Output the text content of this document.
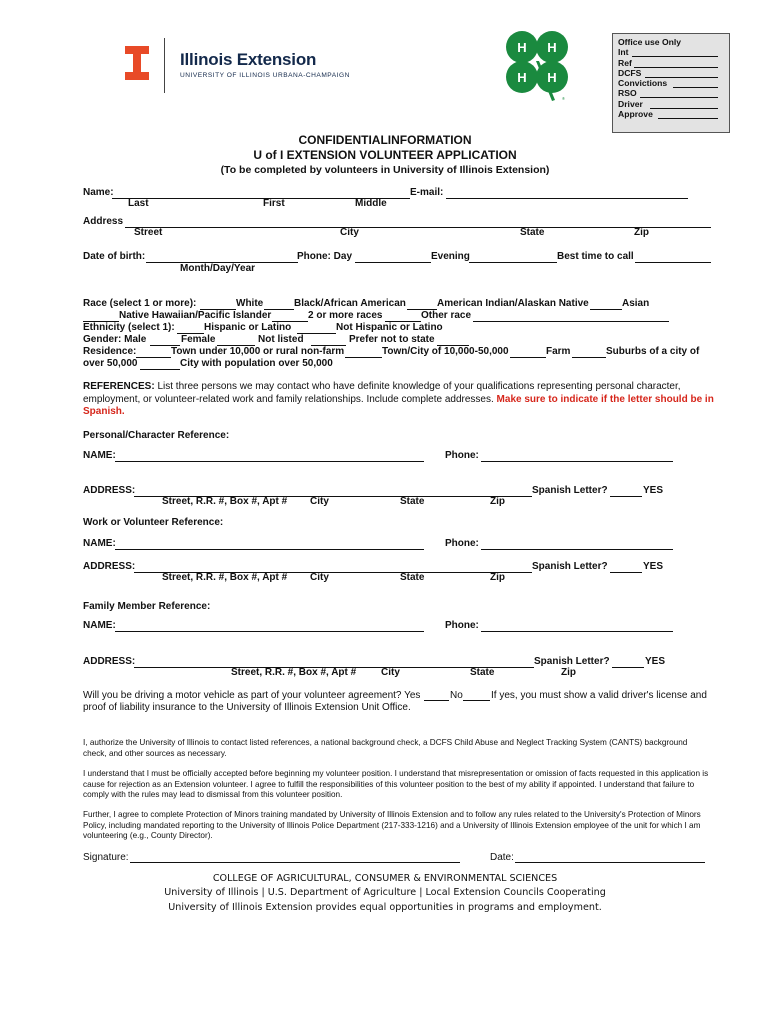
Illinois Extension
UNIVERSITY OF ILLINOIS URBANA-CHAMPAIGN
H H
H H
®
Office use Only
Int
Ref
DCFS
Convictions
RSO
Driver
Approve
CONFIDENTIALINFORMATION
U of I EXTENSION VOLUNTEER APPLICATION
(To be completed by volunteers in University of Illinois Extension)
Name:	E-mail:
Last	First	Middle
Address
Street	City	State	Zip
Date of birth:	Phone: Day	Evening	Best time to call
Month/Day/Year
Race (select 1 or more):	White	Black/African American	American Indian/Alaskan Native	Asian
Native Hawaiian/Pacific Islander	2 or more races	Other race
Ethnicity (select 1):	Hispanic or Latino	Not Hispanic or Latino
Gender: Male	Female	Not listed	Prefer not to state
Residence:	Town under 10,000 or rural non-farm	Town/City of 10,000-50,000	Farm	Suburbs of a city of
over 50,000	City with population over 50,000
REFERENCES: List three persons we may contact who have definite knowledge of your qualifications representing personal character, employment, or volunteer-related work and family relationships. Include complete addresses. Make sure to indicate if the letter should be in Spanish.
Personal/Character Reference:
NAME:	Phone:
ADDRESS:	Spanish Letter?	YES
Street, R.R. #, Box #, Apt # City	State	Zip
Work or Volunteer Reference:
NAME:	Phone:
ADDRESS:	Spanish Letter?	YES
Street, R.R. #, Box #, Apt # City	State	Zip
Family Member Reference:
NAME:	Phone:
ADDRESS:	Spanish Letter?	YES
Street, R.R. #, Box #, Apt # City	State	Zip
Will you be driving a motor vehicle as part of your volunteer agreement? Yes	No	If yes, you must show a valid driver's license and
proof of liability insurance to the University of Illinois Extension Unit Office.
I, authorize the University of Illinois to contact listed references, a national background check, a DCFS Child Abuse and Neglect Tracking System (CANTS) background check, and other sources as necessary.
I understand that I must be officially accepted before beginning my volunteer position. I understand that misrepresentation or omission of facts requested in this application is cause for rejection as an Extension volunteer. I agree to fulfill the responsibilities of this volunteer position to the best of my ability if appointed. I understand that failure to comply with the rules may lead to dismissal from this volunteer position.
Further, I agree to complete Protection of Minors training mandated by University of Illinois Extension and to follow any rules related to the University's Protection of Minors Policy, including mandated reporting to the University of Illinois Police Department (217-333-1216) and a University of Illinois Extension employee of the unit for which I am volunteering (e.g., County Director).
Signature:	Date:
COLLEGE OF AGRICULTURAL, CONSUMER & ENVIRONMENTAL SCIENCES
University of Illinois | U.S. Department of Agriculture | Local Extension Councils Cooperating
University of Illinois Extension provides equal opportunities in programs and employment.
